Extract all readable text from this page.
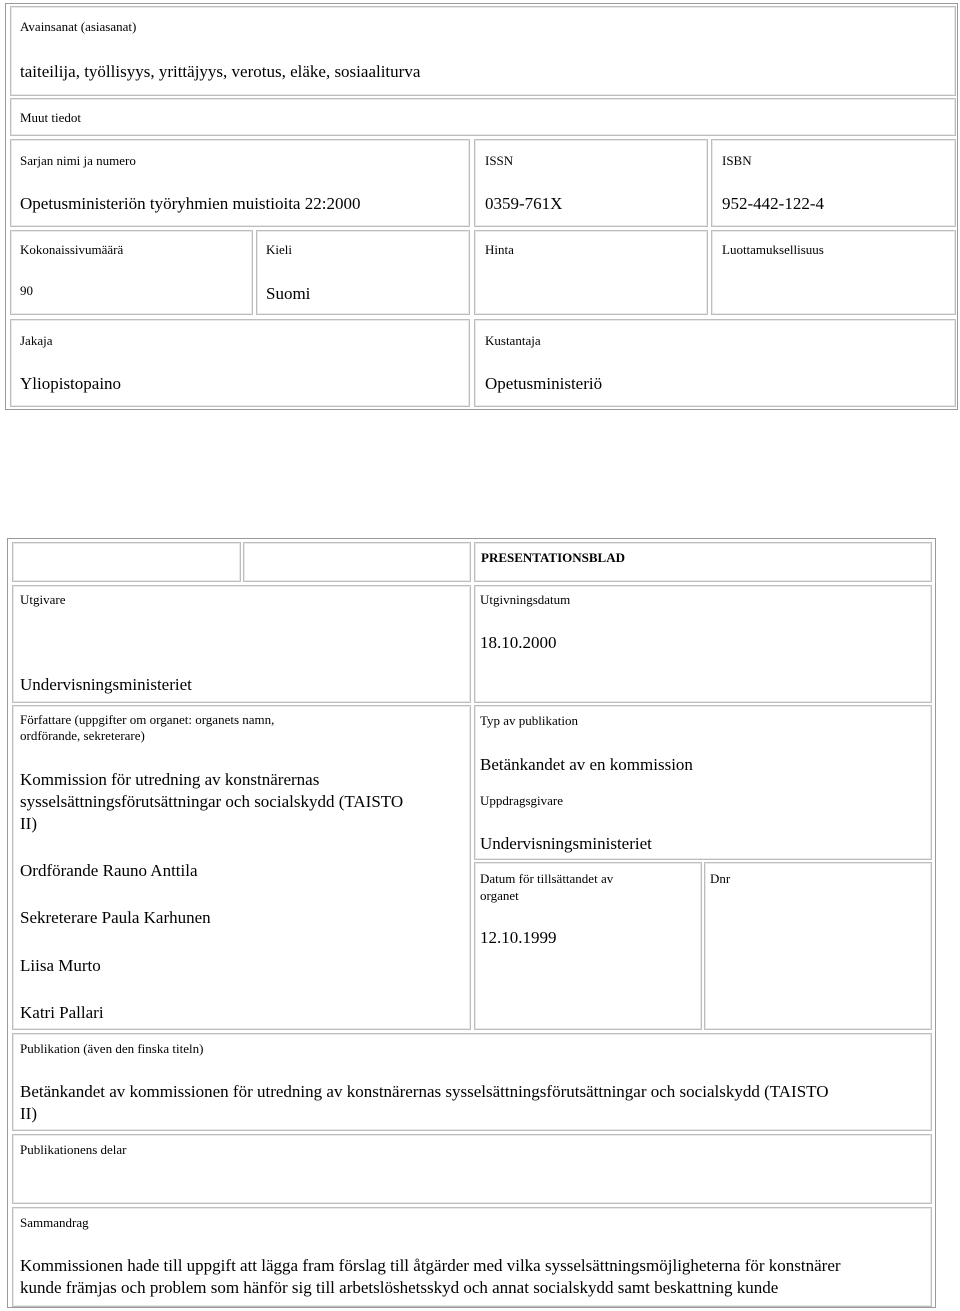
Avainsanat (asiasanat)
taiteilija, työllisyys, yrittäjyys, verotus, eläke, sosiaaliturva
Muut tiedot
Sarjan nimi ja numero
Opetusministeriön työryhmien muistioita 22:2000
ISSN
0359-761X
ISBN
952-442-122-4
Kokonaissivumäärä
90
Kieli
Suomi
Hinta	Luottamuksellisuus
Jakaja
Yliopistopaino
Kustantaja
Opetusministeriö
PRESENTATIONSBLAD
Utgivare
Undervisningsministeriet
Utgivningsdatum
18.10.2000
Författare (uppgifter om organet: organets namn,
ordförande, sekreterare)
Kommission för utredning av konstnärernas
sysselsättningsförutsättningar och socialskydd (TAISTO
II)
Ordförande Rauno Anttila
Sekreterare Paula Karhunen
Liisa Murto
Katri Pallari
Typ av publikation
Betänkandet av en kommission
Uppdragsgivare
Undervisningsministeriet
Datum för tillsättandet av
organet
12.10.1999
Dnr
Publikation (även den finska titeln)
Betänkandet av kommissionen för utredning av konstnärernas sysselsättningsförutsättningar och socialskydd (TAISTO
II)
Publikationens delar
Sammandrag
Kommissionen hade till uppgift att lägga fram förslag till åtgärder med vilka sysselsättningsmöjligheterna för konstnärer
kunde främjas och problem som hänför sig till arbetslöshetsskyd och annat socialskydd samt beskattning kunde
